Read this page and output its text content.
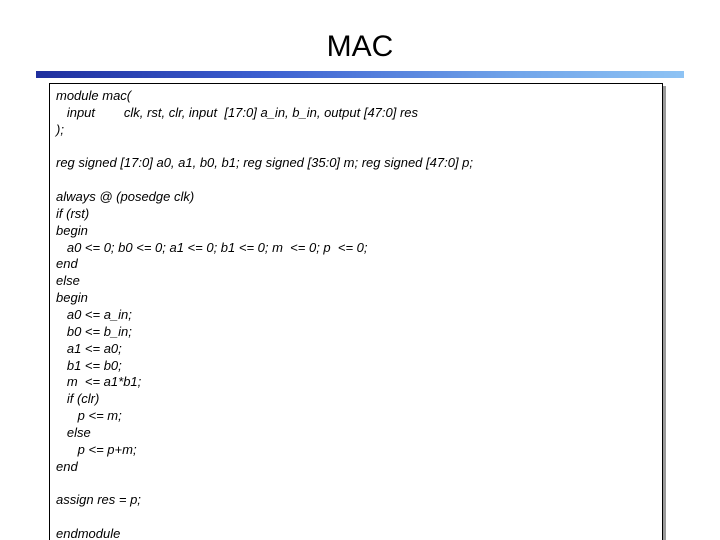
MAC
module mac(
input        clk, rst, clr, input  [17:0] a_in, b_in, output [47:0] res
);
reg signed [17:0] a0, a1, b0, b1; reg signed [35:0] m; reg signed [47:0] p;
always @ (posedge clk)
if (rst)
begin
a0 <= 0; b0 <= 0; a1 <= 0; b1 <= 0; m  <= 0; p  <= 0;
end
else
begin
a0 <= a_in;
b0 <= b_in;
a1 <= a0;
b1 <= b0;
m  <= a1*b1;
if (clr)
p <= m;
else
p <= p+m;
end
assign res = p;
endmodule
